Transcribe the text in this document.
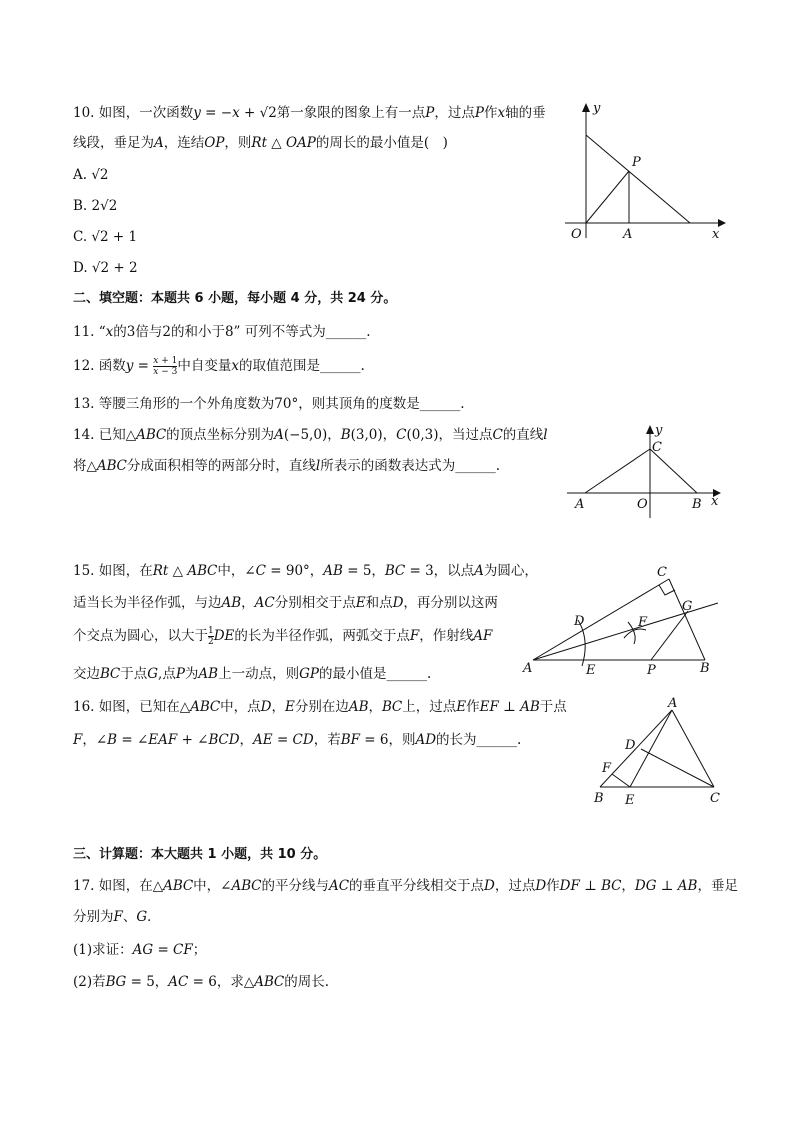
10. 如图，一次函数𝑦 = −𝑥 + √2第一象限的图象上有一点𝑃，过点𝑃作𝑥轴的垂
线段，垂足为𝐴，连结𝑂𝑃，则𝑅𝑡 △ 𝑂𝐴𝑃的周长的最小值是(　)
A. √2
B. 2√2
C. √2 + 1
D. √2 + 2
y
P
O	A	x
二、填空题：本题共 6 小题，每小题 4 分，共 24 分。
11. “𝑥的3倍与2的和小于8” 可列不等式为______.
12. 函数𝑦 = $\frac{\text{𝑥 + 1}}{\text{𝑥 − 3}}$ 中自变量𝑥的取值范围是______.
13. 等腰三角形的一个外角度数为70°，则其顶角的度数是______.
14. 已知△𝐴𝐵𝐶的顶点坐标分别为𝐴(−5,0)，𝐵(3,0)，𝐶(0,3)，当过点𝐶的直线𝑙
将△𝐴𝐵𝐶分成面积相等的两部分时，直线𝑙所表示的函数表达式为______.
y
C
A	O	B x
15. 如图，在𝑅𝑡 △ 𝐴𝐵𝐶中，∠𝐶 = 90°，𝐴𝐵 = 5，𝐵𝐶 = 3，以点𝐴为圆心，
适当长为半径作弧，与边𝐴𝐵，𝐴𝐶分别相交于点𝐸和点𝐷，再分别以这两
个交点为圆心，以大于 $\frac{1}{2}$ 𝐷𝐸的长为半径作弧，两弧交于点𝐹，作射线𝐴𝐹
交边𝐵𝐶于点𝐺,点𝑃为𝐴𝐵上一动点，则𝐺𝑃的最小值是______.
C
D	F
G
A	E	P	B
16. 如图，已知在△𝐴𝐵𝐶中，点𝐷，𝐸分别在边𝐴𝐵，𝐵𝐶上，过点𝐸作𝐸𝐹 ⊥ 𝐴𝐵于点
𝐹，∠𝐵 = ∠𝐸𝐴𝐹 + ∠𝐵𝐶𝐷，𝐴𝐸 = 𝐶𝐷，若𝐵𝐹 = 6，则𝐴𝐷的长为______.
A
D
F
B E	C
三、计算题：本大题共 1 小题，共 10 分。
17. 如图，在△𝐴𝐵𝐶中，∠𝐴𝐵𝐶的平分线与𝐴𝐶的垂直平分线相交于点𝐷，过点𝐷作𝐷𝐹 ⊥ 𝐵𝐶，𝐷𝐺 ⊥ 𝐴𝐵，垂足
分别为𝐹、𝐺．
(1)求证：𝐴𝐺 = 𝐶𝐹；
(2)若𝐵𝐺 = 5，𝐴𝐶 = 6，求△𝐴𝐵𝐶的周长.
